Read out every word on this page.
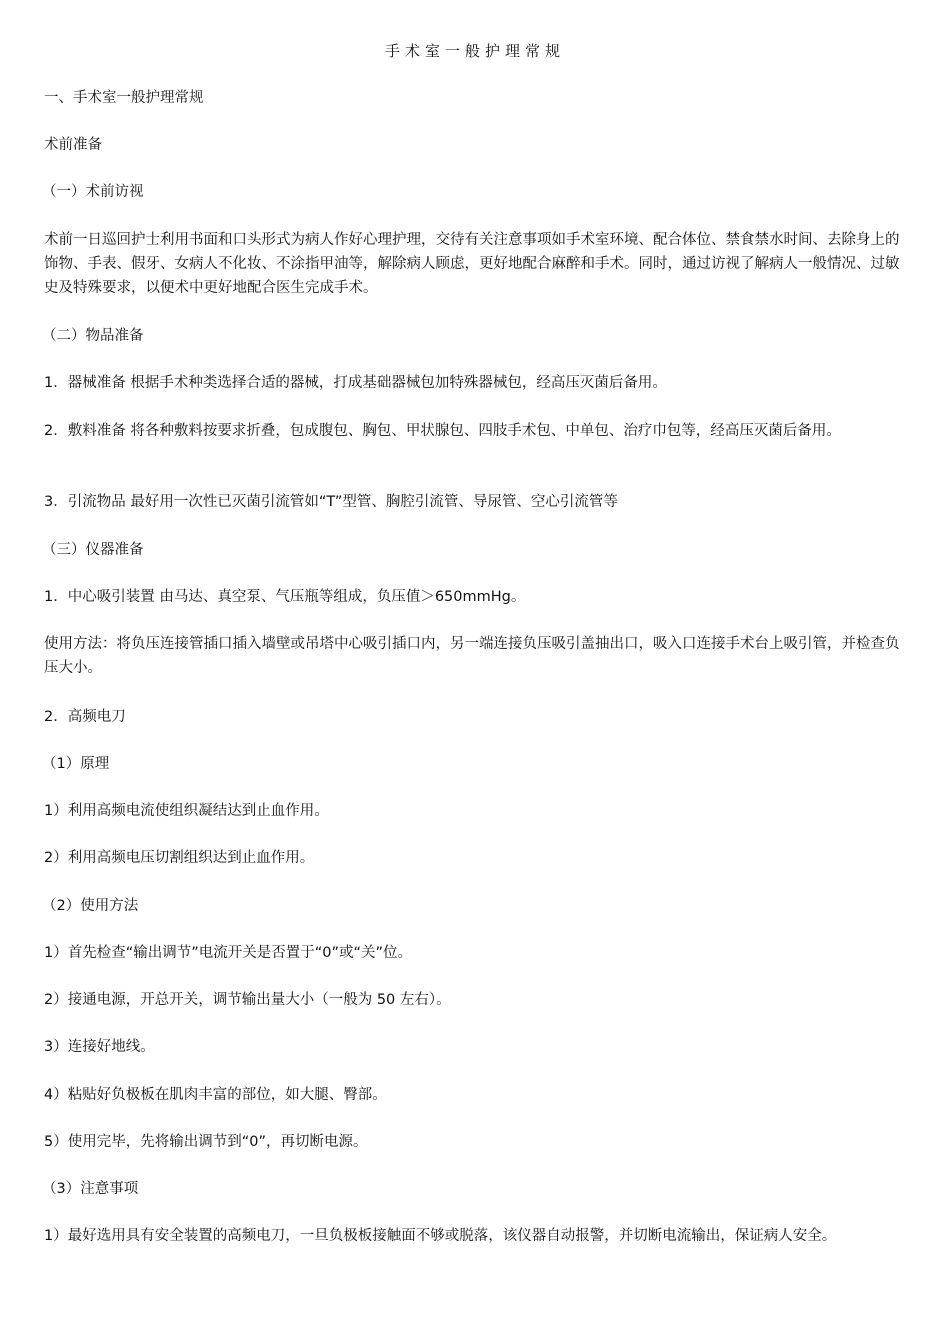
手术室一般护理常规

一、手术室一般护理常规

术前准备

（一）术前访视

术前一日巡回护士利用书面和口头形式为病人作好心理护理，交待有关注意事项如手术室环境、配合体位、禁食禁水时间、去除身上的饰物、手表、假牙、女病人不化妆、不涂指甲油等，解除病人顾虑，更好地配合麻醉和手术。同时，通过访视了解病人一般情况、过敏史及特殊要求，以便术中更好地配合医生完成手术。

（二）物品准备

1．器械准备 根据手术种类选择合适的器械，打成基础器械包加特殊器械包，经高压灭菌后备用。

2．敷料准备 将各种敷料按要求折叠，包成腹包、胸包、甲状腺包、四肢手术包、中单包、治疗巾包等，经高压灭菌后备用。

3．引流物品 最好用一次性已灭菌引流管如“T”型管、胸腔引流管、导尿管、空心引流管等

（三）仪器准备

1．中心吸引装置 由马达、真空泵、气压瓶等组成，负压值＞650mmHg。

使用方法：将负压连接管插口插入墙壁或吊塔中心吸引插口内，另一端连接负压吸引盖抽出口，吸入口连接手术台上吸引管，并检查负压大小。

2．高频电刀

（1）原理

1）利用高频电流使组织凝结达到止血作用。

2）利用高频电压切割组织达到止血作用。

（2）使用方法

1）首先检查“输出调节”电流开关是否置于“0”或“关”位。

2）接通电源，开总开关，调节输出量大小（一般为 50 左右）。

3）连接好地线。

4）粘贴好负极板在肌肉丰富的部位，如大腿、臀部。

5）使用完毕，先将输出调节到“0”，再切断电源。

（3）注意事项

1）最好选用具有安全装置的高频电刀，一旦负极板接触面不够或脱落，该仪器自动报警，并切断电流输出，保证病人安全。
